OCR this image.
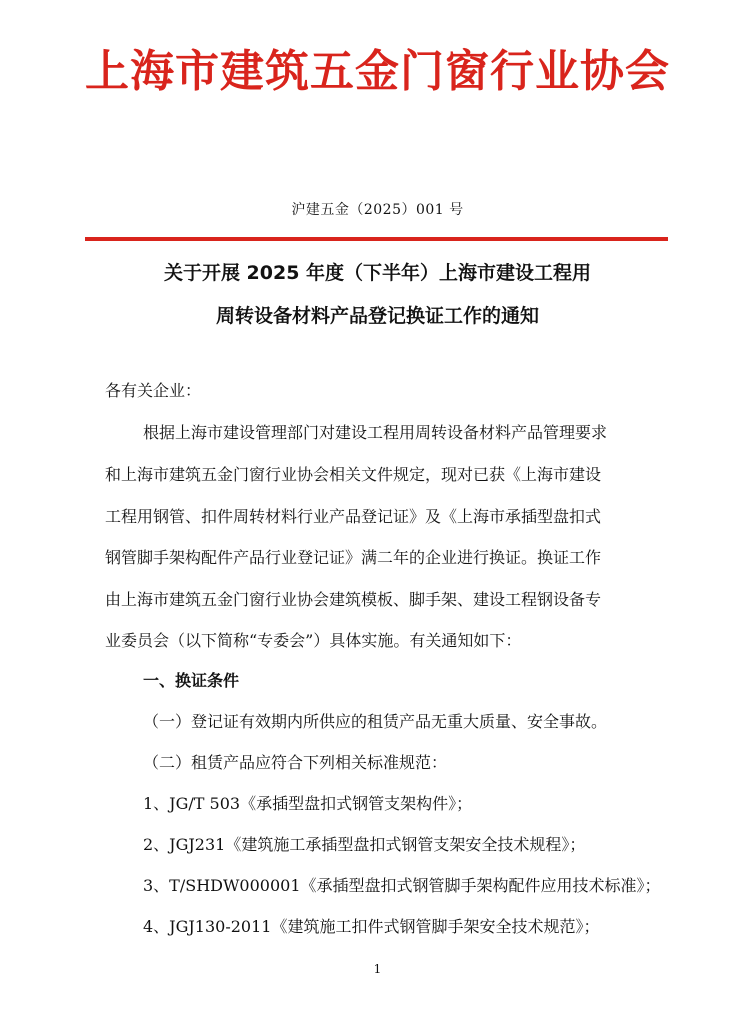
上海市建筑五金门窗行业协会
沪建五金（2025）001 号
关于开展 2025 年度（下半年）上海市建设工程用
周转设备材料产品登记换证工作的通知
各有关企业：
根据上海市建设管理部门对建设工程用周转设备材料产品管理要求
和上海市建筑五金门窗行业协会相关文件规定，现对已获《上海市建设
工程用钢管、扣件周转材料行业产品登记证》及《上海市承插型盘扣式
钢管脚手架构配件产品行业登记证》满二年的企业进行换证。换证工作
由上海市建筑五金门窗行业协会建筑模板、脚手架、建设工程钢设备专
业委员会（以下简称“专委会”）具体实施。有关通知如下：
一、换证条件
（一）登记证有效期内所供应的租赁产品无重大质量、安全事故。
（二）租赁产品应符合下列相关标准规范：
1、JG/T 503《承插型盘扣式钢管支架构件》；
2、JGJ231《建筑施工承插型盘扣式钢管支架安全技术规程》；
3、T/SHDW000001《承插型盘扣式钢管脚手架构配件应用技术标准》；
4、JGJ130-2011《建筑施工扣件式钢管脚手架安全技术规范》；
1
